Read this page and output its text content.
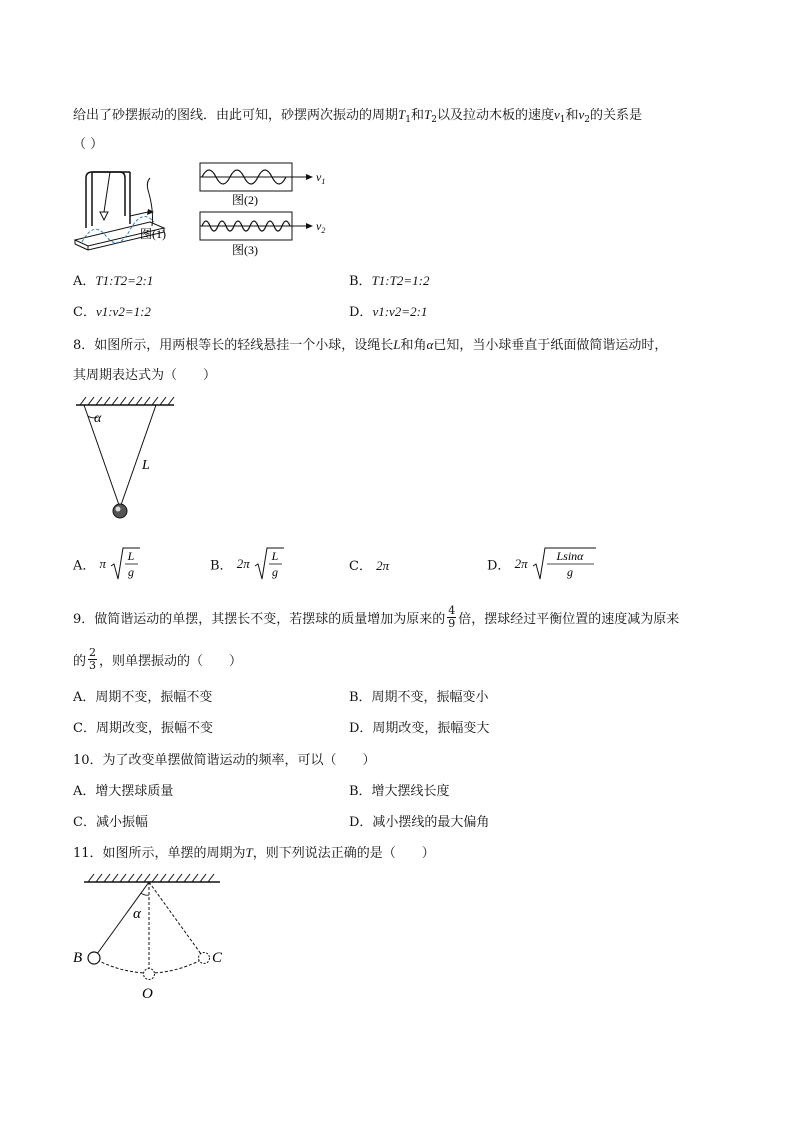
给出了砂摆振动的图线．由此可知，砂摆两次振动的周期$T_1$和$T_2$以及拉动木板的速度$v_1$和$v_2$的关系是
（ ）
图(1)
图(2)
$v_1$
图(3)
$v_2$
A．T1:T2=2:1	B．T1:T2=1:2
C．v1:v2=1:2	D．v1:v2=2:1
8．如图所示，用两根等长的轻线悬挂一个小球，设绳长L和角α已知，当小球垂直于纸面做简谐运动时，
其周期表达式为（　　）
α
L
A． π L
g	B． 2π L
g	C． 2π	D． 2π Lsinα
g
9．做简谐运动的单摆，其摆长不变，若摆球的质量增加为原来的 $\frac{4}{9}$ 倍，摆球经过平衡位置的速度减为原来
的 $\frac{2}{3}$ ，则单摆振动的（　　）
A．周期不变，振幅不变	B．周期不变，振幅变小
C．周期改变，振幅不变	D．周期改变，振幅变大
10．为了改变单摆做简谐运动的频率，可以（　　）
A．增大摆球质量	B．增大摆线长度
C．减小振幅	D．减小摆线的最大偏角
11．如图所示，单摆的周期为T，则下列说法正确的是（　　）
α
B	C
O
